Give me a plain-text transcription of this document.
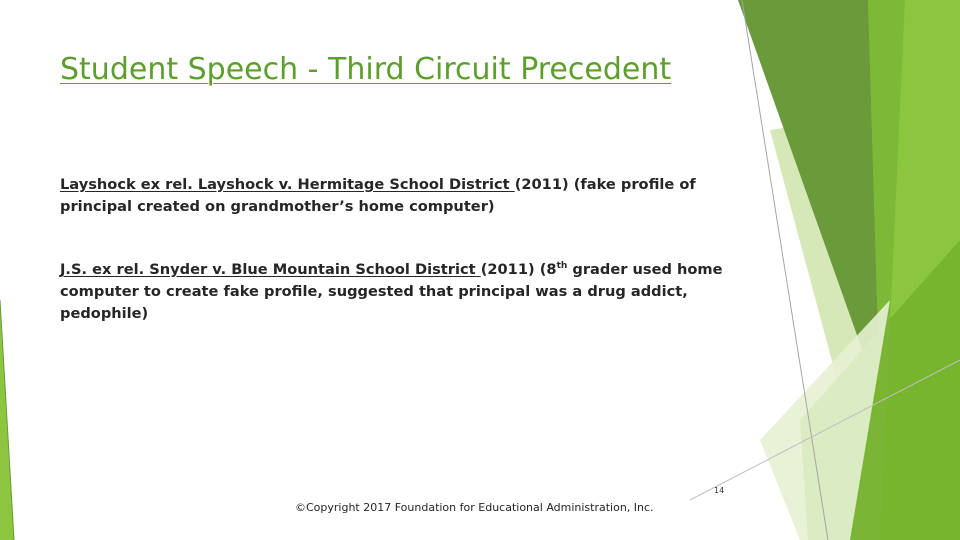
Student Speech - Third Circuit Precedent

Layshock ex rel. Layshock v. Hermitage School District (2011) (fake profile of principal created on grandmother’s home computer)

J.S. ex rel. Snyder v. Blue Mountain School District (2011) (8th grader used home computer to create fake profile, suggested that principal was a drug addict, pedophile)

14
©Copyright 2017 Foundation for Educational Administration, Inc.
